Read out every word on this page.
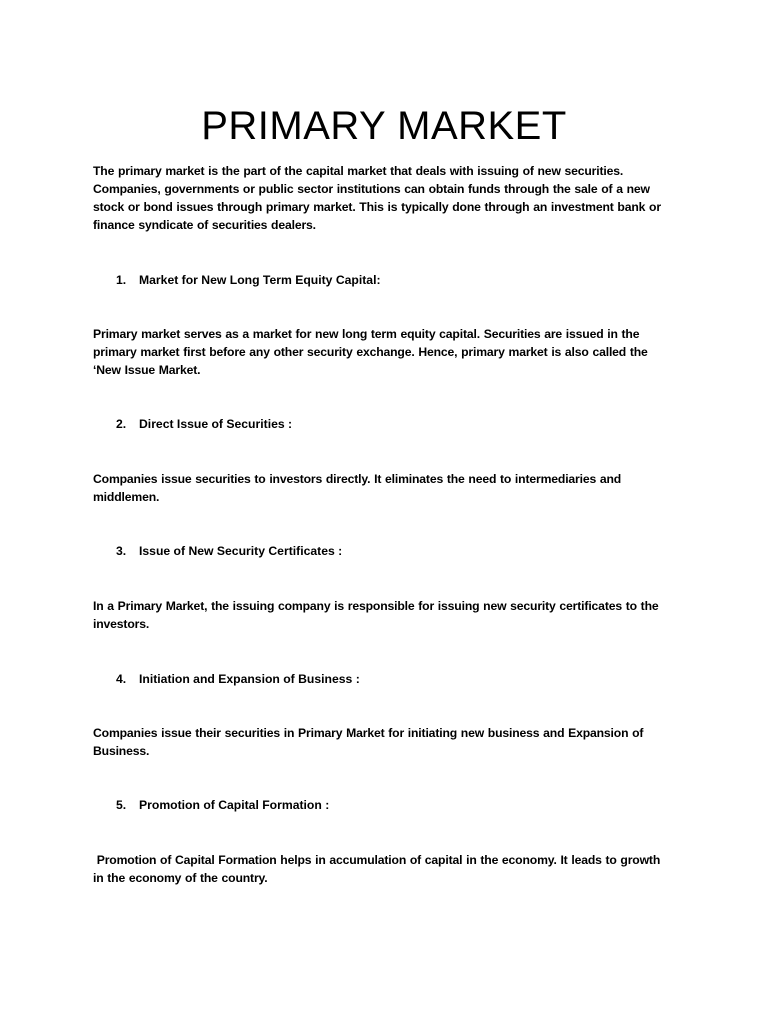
PRIMARY MARKET

The primary market is the part of the capital market that deals with issuing of new securities. Companies, governments or public sector institutions can obtain funds through the sale of a new stock or bond issues through primary market. This is typically done through an investment bank or finance syndicate of securities dealers.

1.	Market for New Long Term Equity Capital:

Primary market serves as a market for new long term equity capital. Securities are issued in the primary market first before any other security exchange. Hence, primary market is also called the ‘New Issue Market.

2.	Direct Issue of Securities :

Companies issue securities to investors directly. It eliminates the need to intermediaries and middlemen.

3.	Issue of New Security Certificates :

In a Primary Market, the issuing company is responsible for issuing new security certificates to the investors.

4.	Initiation and Expansion of Business :

Companies issue their securities in Primary Market for initiating new business and Expansion of Business.

5.	Promotion of Capital Formation :

Promotion of Capital Formation helps in accumulation of capital in the economy. It leads to growth in the economy of the country.
